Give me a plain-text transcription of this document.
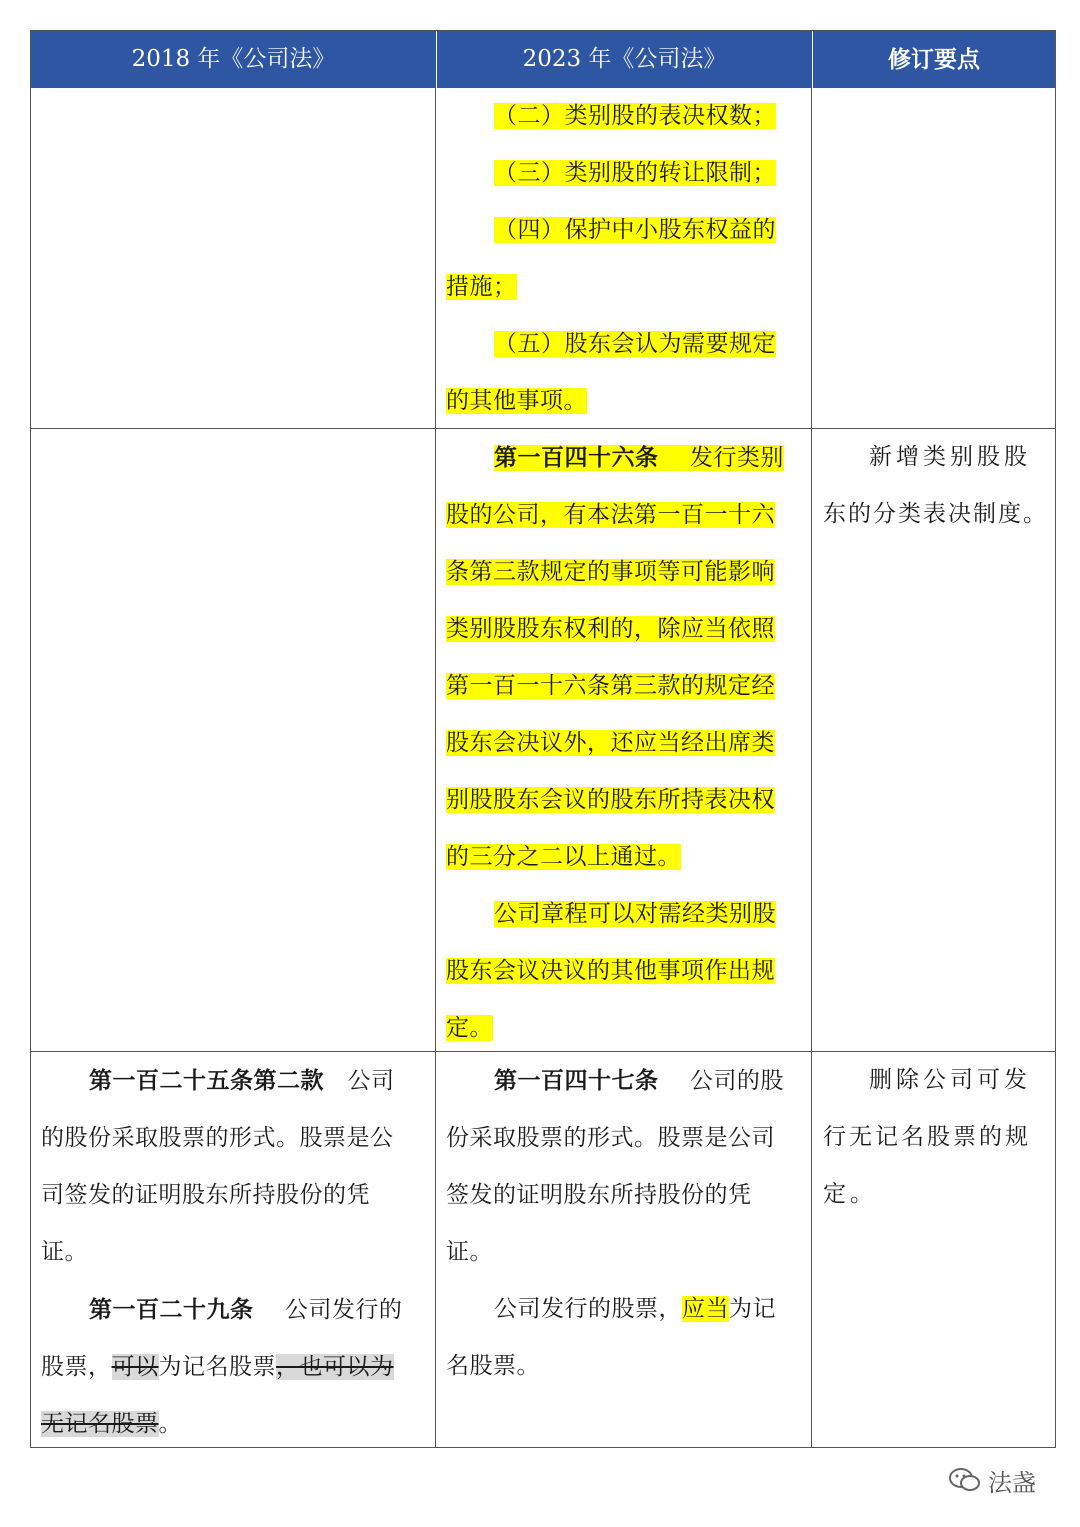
2018 年《公司法》	2023 年《公司法》	修订要点

（二）类别股的表决权数；

（三）类别股的转让限制；

（四）保护中小股东权益的

措施；

（五）股东会认为需要规定

的其他事项。

第一百四十六条　 发行类别

股的公司，有本法第一百一十六

条第三款规定的事项等可能影响

类别股股东权利的，除应当依照

第一百一十六条第三款的规定经

股东会决议外，还应当经出席类

别股股东会议的股东所持表决权

的三分之二以上通过。

公司章程可以对需经类别股

股东会议决议的其他事项作出规

定。

新增类别股股

东的分类表决制度。

第一百二十五条第二款　 公司

的股份采取股票的形式。股票是公

司签发的证明股东所持股份的凭

证。

第一百二十九条　 公司发行的

股票，可以为记名股票，也可以为

无记名股票。

第一百四十七条　 公司的股

份采取股票的形式。股票是公司

签发的证明股东所持股份的凭

证。

公司发行的股票，应当为记

名股票。

删除公司可发

行无记名股票的规

定。

法盏
